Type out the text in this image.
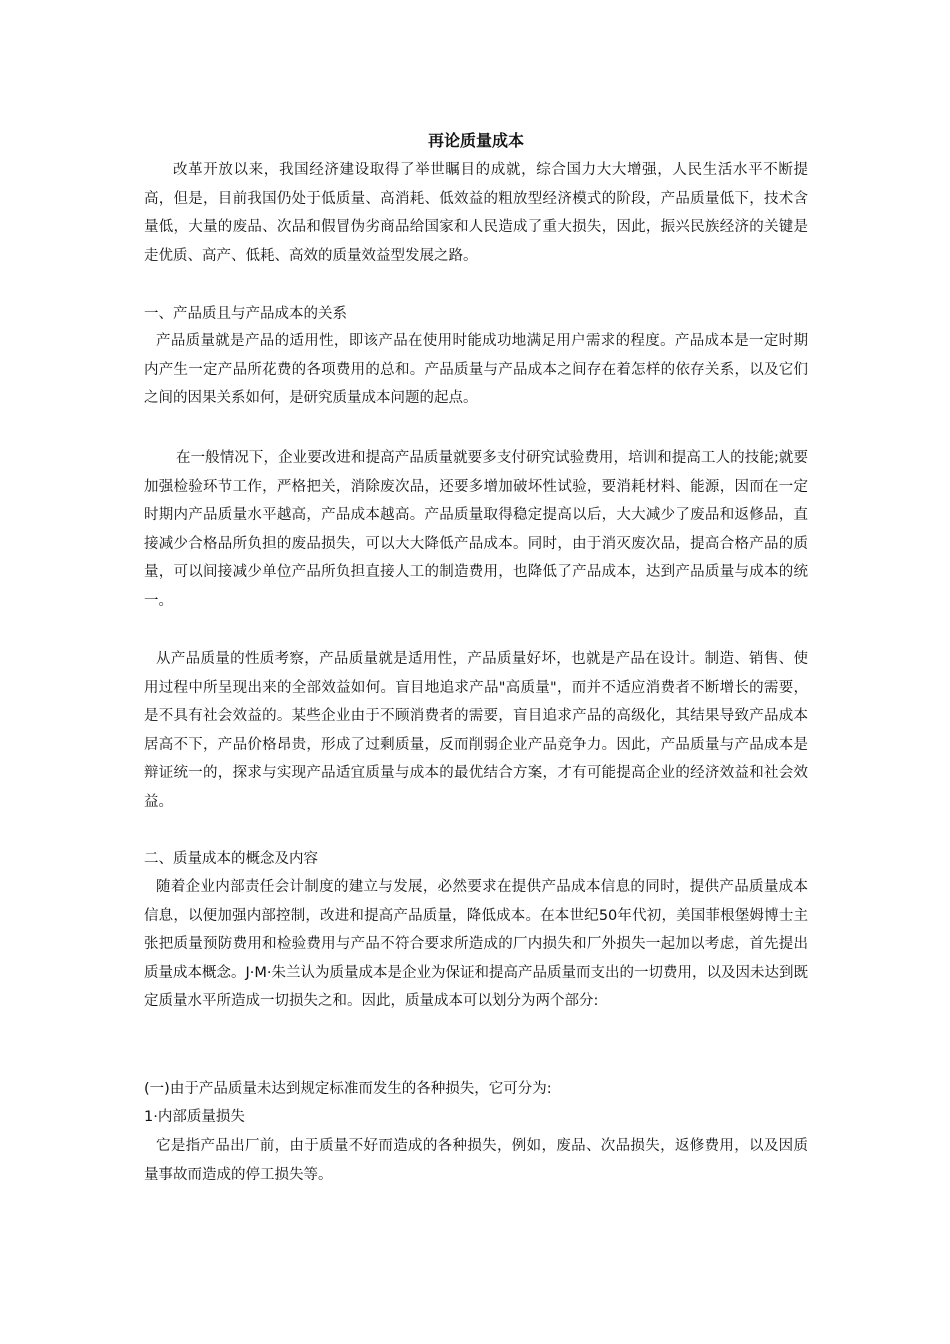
再论质量成本
改革开放以来，我国经济建设取得了举世瞩目的成就，综合国力大大增强，人民生活水平不断提高，但是，目前我国仍处于低质量、高消耗、低效益的粗放型经济模式的阶段，产品质量低下，技术含量低，大量的废品、次品和假冒伪劣商品给国家和人民造成了重大损失，因此，振兴民族经济的关键是走优质、高产、低耗、高效的质量效益型发展之路。
一、产品质且与产品成本的关系
产品质量就是产品的适用性，即该产品在使用时能成功地满足用户需求的程度。产品成本是一定时期内产生一定产品所花费的各项费用的总和。产品质量与产品成本之间存在着怎样的依存关系，以及它们之间的因果关系如何，是研究质量成本问题的起点。
在一般情况下，企业要改进和提高产品质量就要多支付研究试验费用，培训和提高工人的技能;就要加强检验环节工作，严格把关，消除废次品，还要多增加破坏性试验，要消耗材料、能源，因而在一定时期内产品质量水平越高，产品成本越高。产品质量取得稳定提高以后，大大减少了废品和返修品，直接减少合格品所负担的废品损失，可以大大降低产品成本。同时，由于消灭废次品，提高合格产品的质量，可以间接减少单位产品所负担直接人工的制造费用，也降低了产品成本，达到产品质量与成本的统一。
从产品质量的性质考察，产品质量就是适用性，产品质量好坏，也就是产品在设计。制造、销售、使用过程中所呈现出来的全部效益如何。盲目地追求产品"高质量"，而并不适应消费者不断增长的需要，是不具有社会效益的。某些企业由于不顾消费者的需要，盲目追求产品的高级化，其结果导致产品成本居高不下，产品价格昂贵，形成了过剩质量，反而削弱企业产品竞争力。因此，产品质量与产品成本是辩证统一的，探求与实现产品适宜质量与成本的最优结合方案，才有可能提高企业的经济效益和社会效益。
二、质量成本的概念及内容
随着企业内部责任会计制度的建立与发展，必然要求在提供产品成本信息的同时，提供产品质量成本信息，以便加强内部控制，改进和提高产品质量，降低成本。在本世纪50年代初，美国菲根堡姆博士主张把质量预防费用和检验费用与产品不符合要求所造成的厂内损失和厂外损失一起加以考虑，首先提出质量成本概念。J·M·朱兰认为质量成本是企业为保证和提高产品质量而支出的一切费用，以及因未达到既定质量水平所造成一切损失之和。因此，质量成本可以划分为两个部分:
(一)由于产品质量未达到规定标准而发生的各种损失，它可分为:
1·内部质量损失
它是指产品出厂前，由于质量不好而造成的各种损失，例如，废品、次品损失，返修费用，以及因质量事故而造成的停工损失等。
